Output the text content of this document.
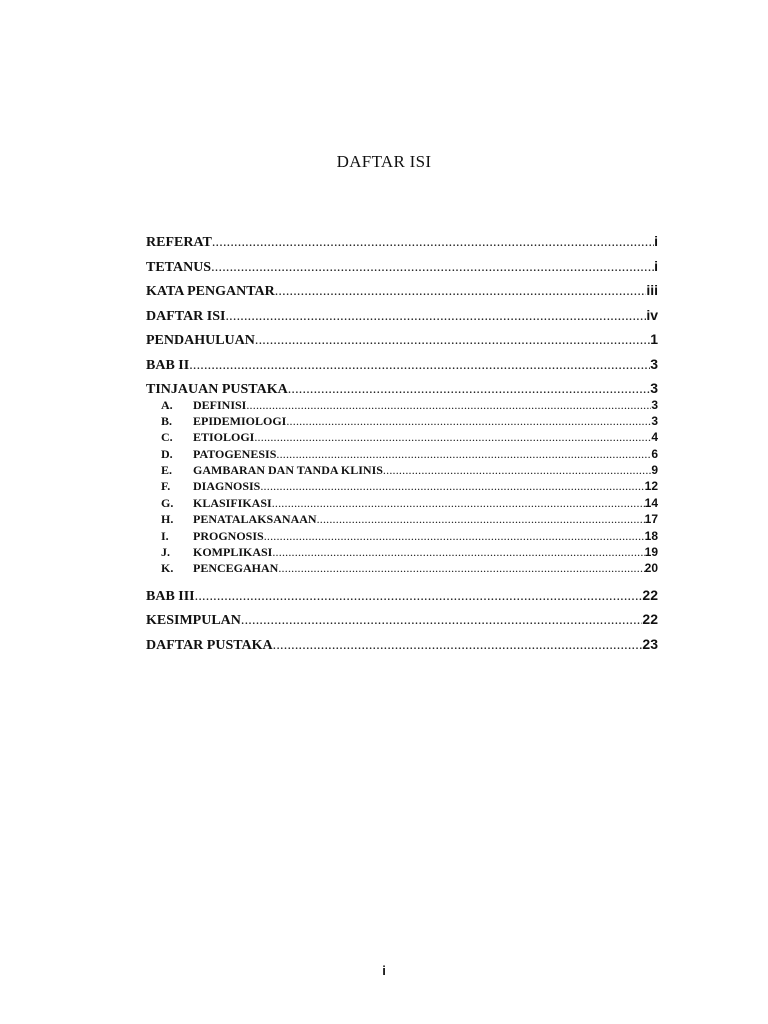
DAFTAR ISI
REFERAT .....	i
TETANUS .....	i
KATA PENGANTAR .....	iii
DAFTAR ISI .....	iv
PENDAHULUAN .....	1
BAB II .....	3
TINJAUAN PUSTAKA .....	3
A.	DEFINISI .....	3
B.	EPIDEMIOLOGI .....	3
C.	ETIOLOGI .....	4
D.	PATOGENESIS .....	6
E.	GAMBARAN DAN TANDA KLINIS .....	9
F.	DIAGNOSIS .....	12
G.	KLASIFIKASI .....	14
H.	PENATALAKSANAAN .....	17
I.	PROGNOSIS .....	18
J.	KOMPLIKASI .....	19
K.	PENCEGAHAN .....	20
BAB III .....	22
KESIMPULAN .....	22
DAFTAR PUSTAKA .....	23
i
